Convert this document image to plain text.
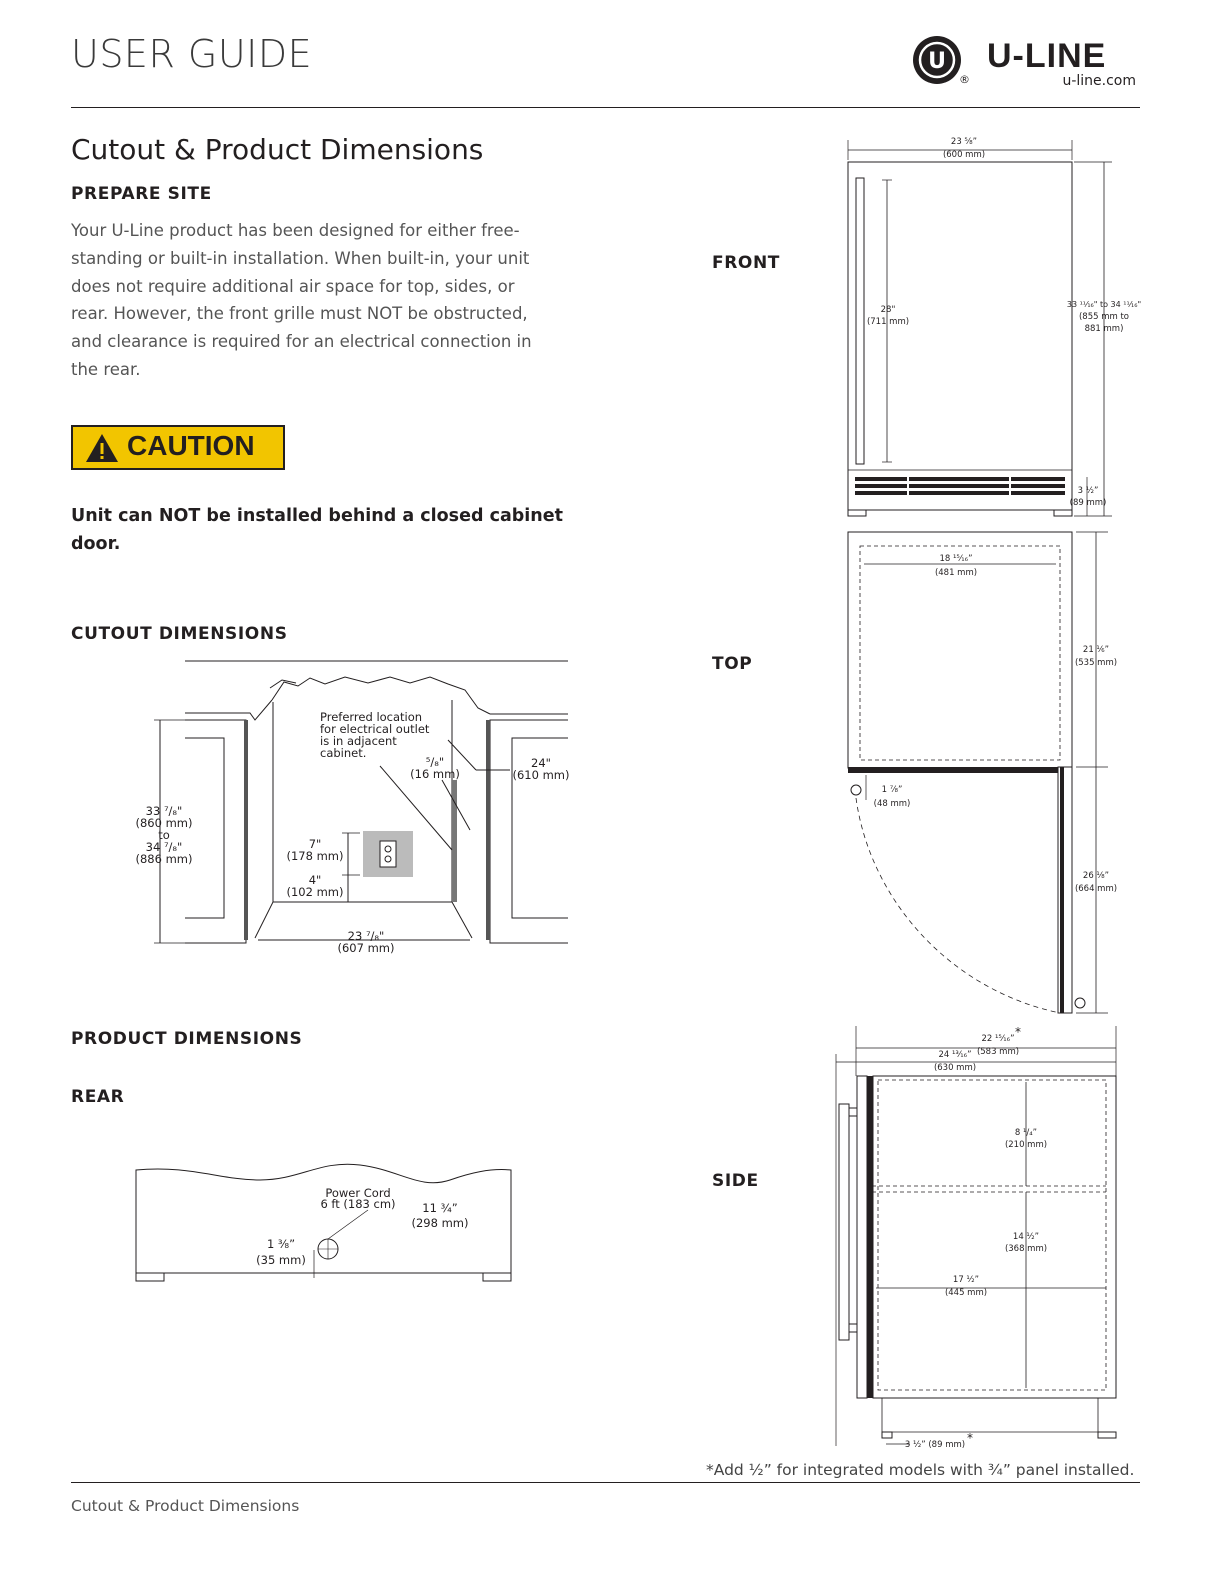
USER GUIDE	U
®
U-LINE
u-line.com
Cutout & Product Dimensions
PREPARE SITE
Your U-Line product has been designed for either free-standing or built-in installation. When built-in, your unit does not require additional air space for top, sides, or rear. However, the front grille must NOT be obstructed, and clearance is required for an electrical connection in the rear.
CAUTION
Unit can NOT be installed behind a closed cabinet door.
CUTOUT DIMENSIONS
Preferred location
for electrical outlet
is in adjacent
cabinet.
33 ⁷/₈"
(860 mm)
to
34 ⁷/₈"
(886 mm)
⁵/₈"
(16 mm)
24"
(610 mm)
7"
(178 mm)
4"
(102 mm)
23 ⁷/₈"
(607 mm)
PRODUCT DIMENSIONS
REAR
Power Cord
6 ft (183 cm) 11 ¾”
(298 mm)
1 ⅜”
(35 mm)
FRONT
TOP
SIDE
23 ⅝”
(600 mm)
28"
(711 mm)
33 ¹¹⁄₁₆" to 34 ¹¹⁄₁₆"
(855 mm to
881 mm)
3 ½”
(89 mm)
18 ¹⁵⁄₁₆”
(481 mm)
21 ⅙”
(535 mm)
1 ⅞”
(48 mm)
26 ⅛”
(664 mm)
22 ¹⁵⁄₁₆” *
(583 mm)
24 ¹³⁄₁₆”
(630 mm)
8 ¹/₄”
(210 mm)
14 ½”
(368 mm)
17 ½”
(445 mm)
3 ½” (89 mm) *
*Add ½” for integrated models with ¾” panel installed.
Cutout & Product Dimensions
